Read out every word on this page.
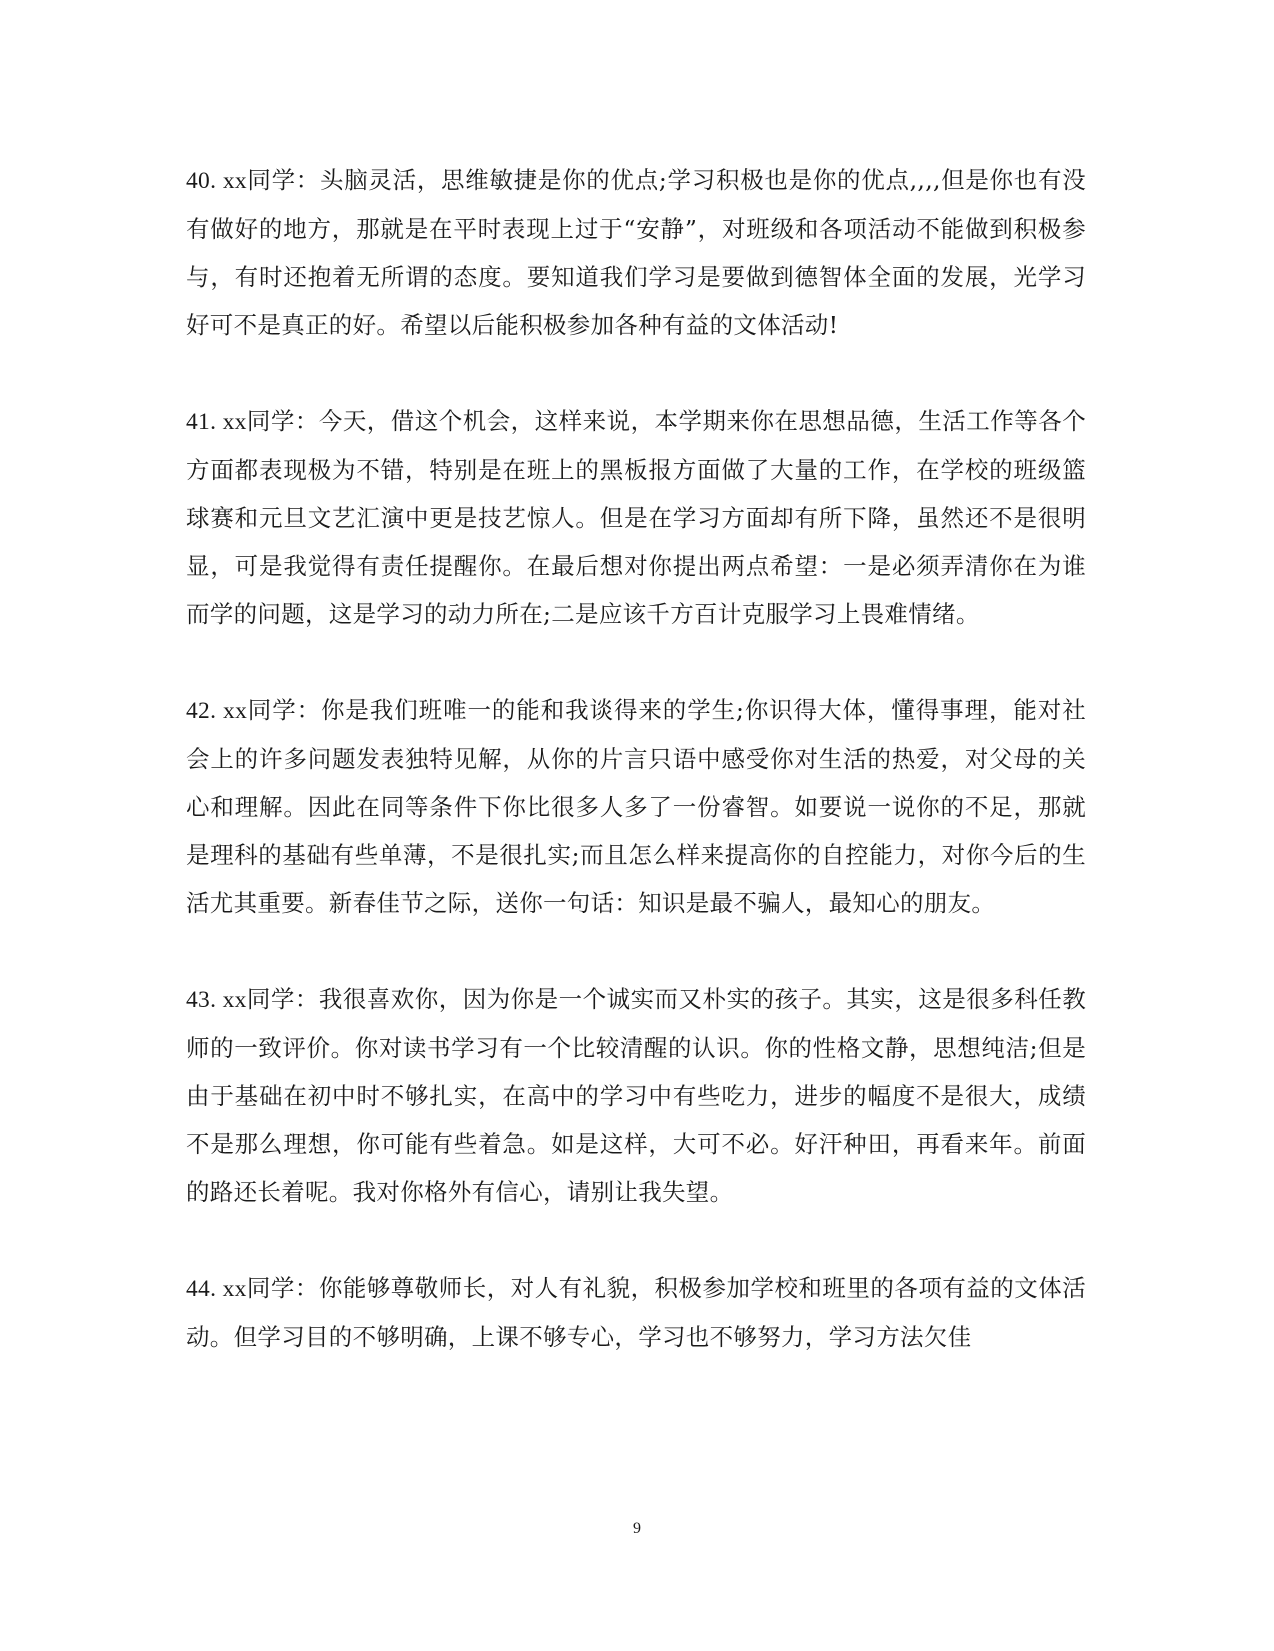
40. xx同学：头脑灵活，思维敏捷是你的优点;学习积极也是你的优点,,,,但是你也有没有做好的地方，那就是在平时表现上过于“安静”，对班级和各项活动不能做到积极参与，有时还抱着无所谓的态度。要知道我们学习是要做到德智体全面的发展，光学习好可不是真正的好。希望以后能积极参加各种有益的文体活动!

41. xx同学：今天，借这个机会，这样来说，本学期来你在思想品德，生活工作等各个方面都表现极为不错，特别是在班上的黑板报方面做了大量的工作，在学校的班级篮球赛和元旦文艺汇演中更是技艺惊人。但是在学习方面却有所下降，虽然还不是很明显，可是我觉得有责任提醒你。在最后想对你提出两点希望：一是必须弄清你在为谁而学的问题，这是学习的动力所在;二是应该千方百计克服学习上畏难情绪。

42. xx同学：你是我们班唯一的能和我谈得来的学生;你识得大体，懂得事理，能对社会上的许多问题发表独特见解，从你的片言只语中感受你对生活的热爱，对父母的关心和理解。因此在同等条件下你比很多人多了一份睿智。如要说一说你的不足，那就是理科的基础有些单薄，不是很扎实;而且怎么样来提高你的自控能力，对你今后的生活尤其重要。新春佳节之际，送你一句话：知识是最不骗人，最知心的朋友。

43. xx同学：我很喜欢你，因为你是一个诚实而又朴实的孩子。其实，这是很多科任教师的一致评价。你对读书学习有一个比较清醒的认识。你的性格文静，思想纯洁;但是由于基础在初中时不够扎实，在高中的学习中有些吃力，进步的幅度不是很大，成绩不是那么理想，你可能有些着急。如是这样，大可不必。好汗种田，再看来年。前面的路还长着呢。我对你格外有信心，请别让我失望。

44. xx同学：你能够尊敬师长，对人有礼貌，积极参加学校和班里的各项有益的文体活动。但学习目的不够明确，上课不够专心，学习也不够努力，学习方法欠佳

9
